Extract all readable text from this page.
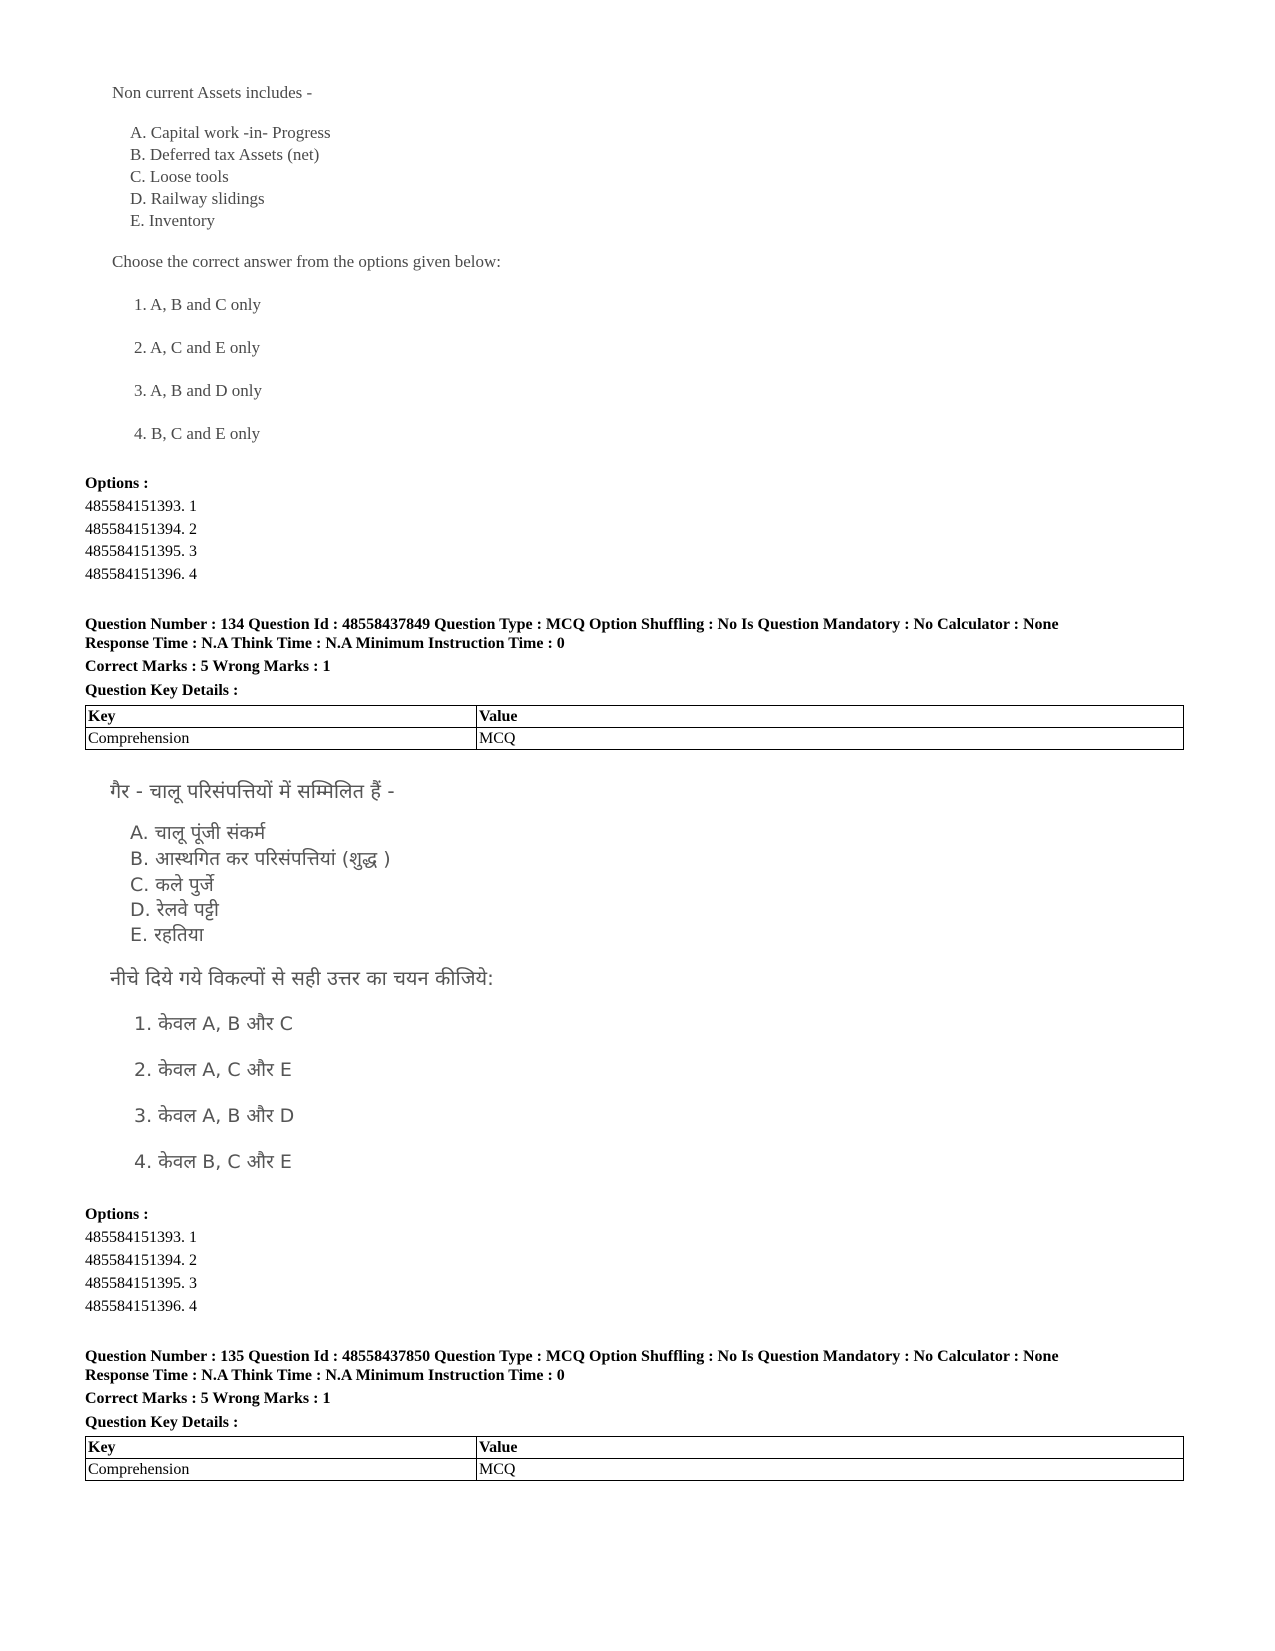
Non current Assets includes -
A. Capital work -in- Progress
B. Deferred tax Assets (net)
C. Loose tools
D. Railway slidings
E. Inventory
Choose the correct answer from the options given below:
1. A, B and C only
2. A, C and E only
3. A, B and D only
4. B, C and E only
Options :
485584151393. 1
485584151394. 2
485584151395. 3
485584151396. 4
Question Number : 134 Question Id : 48558437849 Question Type : MCQ Option Shuffling : No Is Question Mandatory : No Calculator : None
Response Time : N.A Think Time : N.A Minimum Instruction Time : 0
Correct Marks : 5 Wrong Marks : 1
Question Key Details :
Key	Value
Comprehension	MCQ
गैर - चालू परिसंपत्तियों में सम्मिलित हैं -
A. चालू पूंजी संकर्म
B. आस्थगित कर परिसंपत्तियां (शुद्ध )
C. कले पुर्जे
D. रेलवे पट्टी
E. रहतिया
नीचे दिये गये विकल्पों से सही उत्तर का चयन कीजिये:
1. केवल A, B और C
2. केवल A, C और E
3. केवल A, B और D
4. केवल B, C और E
Options :
485584151393. 1
485584151394. 2
485584151395. 3
485584151396. 4
Question Number : 135 Question Id : 48558437850 Question Type : MCQ Option Shuffling : No Is Question Mandatory : No Calculator : None
Response Time : N.A Think Time : N.A Minimum Instruction Time : 0
Correct Marks : 5 Wrong Marks : 1
Question Key Details :
Key	Value
Comprehension	MCQ
